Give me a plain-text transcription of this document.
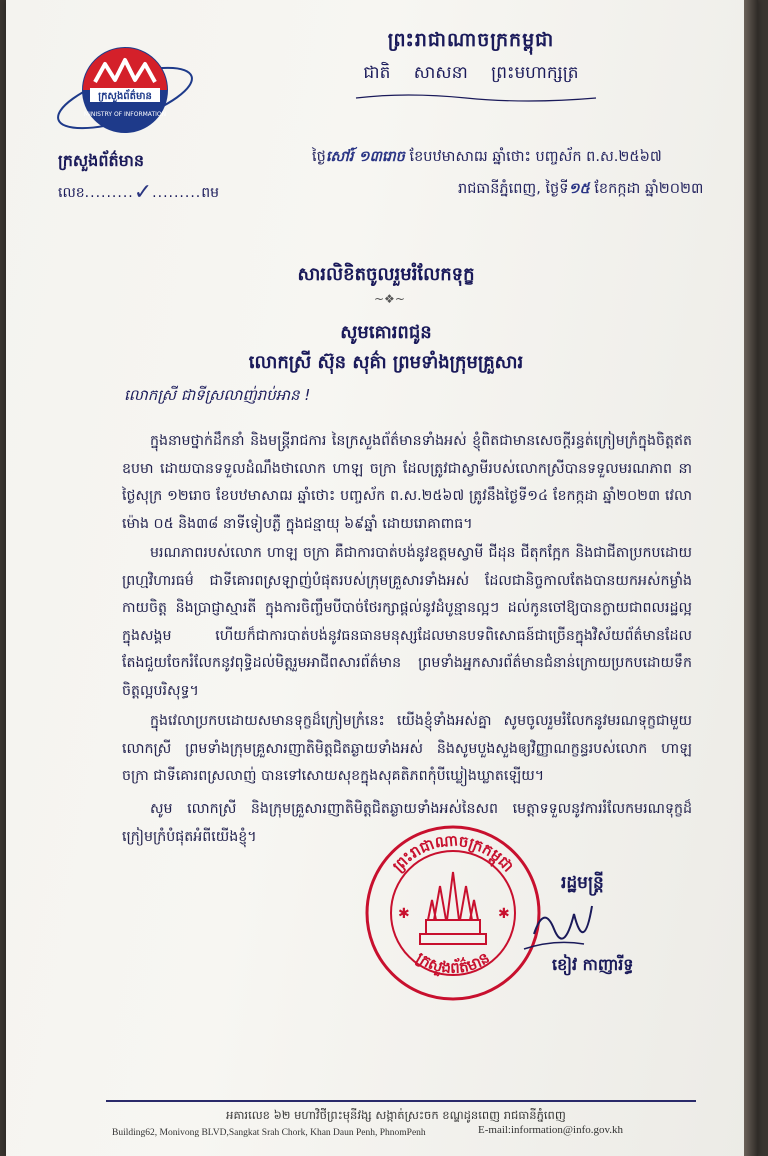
ក្រសួងព័ត៌មាន
MINISTRY OF INFORMATION
ក្រសួងព័ត៌មាន
លេខ.........✓.........ពម
ព្រះរាជាណាចក្រកម្ពុជា
ជាតិ សាសនា ព្រះមហាក្សត្រ
ថ្ងៃសៅរ៍ ១៣រោច ខែបឋមាសាឍ ឆ្នាំថោះ បញ្ចស័ក ព.ស.២៥៦៧
រាជធានីភ្នំពេញ, ថ្ងៃទី១៥ ខែកក្កដា ឆ្នាំ២០២៣
សារលិខិតចូលរួមរំលែកទុក្ខ
~❖~
សូមគោរពជូន
លោកស្រី ស៊ុន សុគ៌ា ព្រមទាំងក្រុមគ្រួសារ
លោកស្រី ជាទីស្រលាញ់រាប់អាន !
ក្នុងនាមថ្នាក់ដឹកនាំ និងមន្ត្រីរាជការ នៃក្រសួងព័ត៌មានទាំងអស់ ខ្ញុំពិតជាមានសេចក្តីរន្ធត់ក្រៀមក្រំក្នុងចិត្តឥតឧបមា ដោយបានទទួលដំណឹងថាលោក ហាឡ ចក្រា ដែលត្រូវជាស្វាមីរបស់លោកស្រីបានទទួលមរណភាព នាថ្ងៃសុក្រ ១២រោច ខែបឋមាសាឍ ឆ្នាំថោះ បញ្ចស័ក ព.ស.២៥៦៧ ត្រូវនឹងថ្ងៃទី១៤ ខែកក្កដា ឆ្នាំ២០២៣ វេលាម៉ោង ០៥ និង៣៨ នាទីទៀបភ្លឺ ក្នុងជន្មាយុ ៦៩ឆ្នាំ ដោយរោគាពាធ។
មរណភាពរបស់លោក ហាឡ ចក្រា គឺជាការបាត់បង់នូវឧត្តមស្វាមី ជីដុន ជីតុកក្អែក និងជាជីតាប្រកបដោយព្រហ្មវិហារធម៌ ជាទីគោរពស្រឡាញ់បំផុតរបស់ក្រុមគ្រួសារទាំងអស់ ដែលជានិច្ចកាលតែងបានយកអស់កម្លាំងកាយចិត្ត និងប្រាជ្ញាស្មារតី ក្នុងការចិញ្ចឹមបីបាច់ថែរក្សាផ្តល់នូវដំបូន្មានល្អៗ ដល់កូនចៅឱ្យបានក្លាយជាពលរដ្ឋល្អក្នុងសង្គម ហើយក៏ជាការបាត់បង់នូវធនធានមនុស្សដែលមានបទពិសោធន៍ជាច្រើនក្នុងវិស័យព័ត៌មានដែលតែងជួយចែករំលែកនូវពុទ្ធិដល់មិត្តរួមអាជីពសារព័ត៌មាន ព្រមទាំងអ្នកសារព័ត៌មានជំនាន់ក្រោយប្រកបដោយទឹកចិត្តល្អបរិសុទ្ធ។
ក្នុងវេលាប្រកបដោយសមានទុក្ខដ៏ក្រៀមក្រំនេះ យើងខ្ញុំទាំងអស់គ្នា សូមចូលរួមរំលែកនូវមរណទុក្ខជាមួយ លោកស្រី ព្រមទាំងក្រុមគ្រួសារញាតិមិត្តជិតឆ្ងាយទាំងអស់ និងសូមបួងសួងឲ្យវិញ្ញាណក្ខន្ធរបស់លោក ហាឡ ចក្រា ជាទីគោរពស្រលាញ់ បានទៅសោយសុខក្នុងសុគតិភពកុំបីឃ្លៀងឃ្លាតឡើយ។
សូម លោកស្រី និងក្រុមគ្រួសារញាតិមិត្តជិតឆ្ងាយទាំងអស់នៃសព មេត្តាទទួលនូវការរំលែកមរណទុក្ខដ៏ក្រៀមក្រំបំផុតអំពីយើងខ្ញុំ។
ព្រះរាជាណាចក្រកម្ពុជា
ក្រសួងព័ត៌មាន
✱	✱
រដ្ឋមន្ត្រី
ខៀវ កាញារីទ្ធ
អគារលេខ ៦២ មហាវិថីព្រះមុនីវង្ស សង្កាត់ស្រះចក ខណ្ឌដូនពេញ រាជធានីភ្នំពេញ
Building62, Monivong BLVD,Sangkat Srah Chork, Khan Daun Penh, PhnomPenh	E-mail:information@info.gov.kh
